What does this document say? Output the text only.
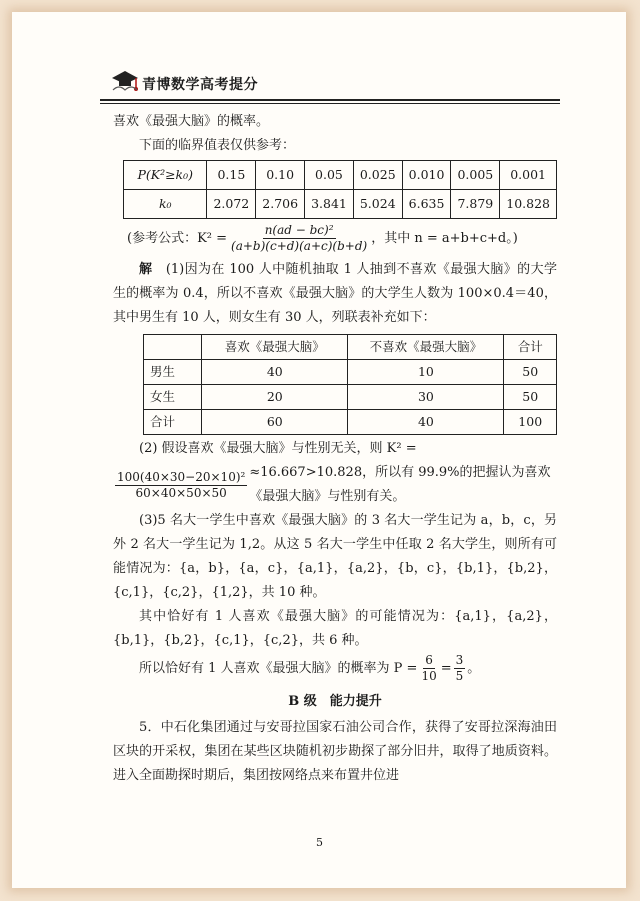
青博数学高考提分

喜欢《最强大脑》的概率。

下面的临界值表仅供参考：

P(K²≥k₀)	0.15	0.10	0.05	0.025	0.010	0.005	0.001
k₀	2.072	2.706	3.841	5.024	6.635	7.879	10.828
(参考公式：$K^2 = \frac{\text{n(ad − bc)²}}{(a+b)(c+d)(a+c)(b+d)}$ ，其中 n = a+b+c+d。)

解　 (1)因为在 100 人中随机抽取 1 人抽到不喜欢《最强大脑》的大学生的概率为 0.4，所以不喜欢《最强大脑》的大学生人数为 100×0.4＝40，其中男生有 10 人，则女生有 30 人，列联表补充如下：

	喜欢《最强大脑》	不喜欢《最强大脑》	合计
男生	40	10	50
女生	20	30	50
合计	60	40	100

(2) 假设喜欢《最强大脑》与性别无关，则 K² =

$\frac{\text{100(40×30−20×10)²}}{60\times 40\times 50\times 50} \approx 16.667>10.828$，所以有 99.9%的把握认为喜欢《最强大脑》与性别有关。

(3)5 名大一学生中喜欢《最强大脑》的 3 名大一学生记为 a，b，c，另外 2 名大一学生记为 1,2。从这 5 名大一学生中任取 2 名大学生，则所有可能情况为：{a，b}，{a，c}，{a,1}，{a,2}，{b，c}，{b,1}，{b,2}，{c,1}，{c,2}，{1,2}，共 10 种。

其中恰好有 1 人喜欢《最强大脑》的可能情况为：{a,1}，{a,2}，{b,1}，{b,2}，{c,1}，{c,2}，共 6 种。

所以恰好有 1 人喜欢《最强大脑》的概率为 $P = \frac{6}{10} = \frac{3}{5}$ 。
B 级　能力提升

5．中石化集团通过与安哥拉国家石油公司合作，获得了安哥拉深海油田区块的开采权，集团在某些区块随机初步勘探了部分旧井，取得了地质资料。进入全面勘探时期后，集团按网络点来布置井位进

5
